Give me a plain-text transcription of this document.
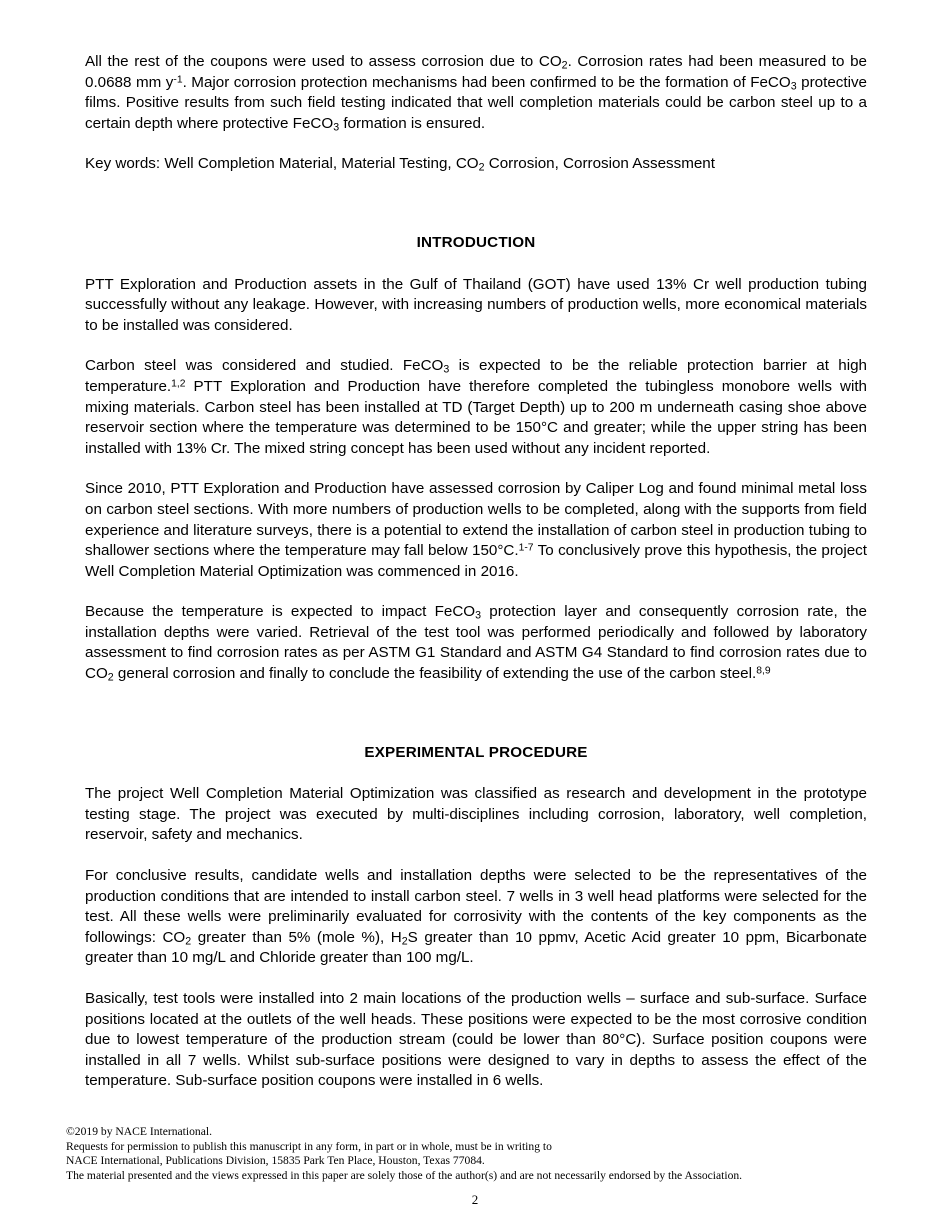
All the rest of the coupons were used to assess corrosion due to $CO_2$. Corrosion rates had been measured to be 0.0688 mm $y^{-1}$. Major corrosion protection mechanisms had been confirmed to be the formation of FeCO$_3$ protective films. Positive results from such field testing indicated that well completion materials could be carbon steel up to a certain depth where protective FeCO$_3$ formation is ensured.

Key words: Well Completion Material, Material Testing, $CO_2$ Corrosion, Corrosion Assessment

INTRODUCTION

PTT Exploration and Production assets in the Gulf of Thailand (GOT) have used 13% Cr well production tubing successfully without any leakage. However, with increasing numbers of production wells, more economical materials to be installed was considered.

Carbon steel was considered and studied. FeCO$_3$ is expected to be the reliable protection barrier at high temperature.$^{1,2}$ PTT Exploration and Production have therefore completed the tubingless monobore wells with mixing materials. Carbon steel has been installed at TD (Target Depth) up to 200 m underneath casing shoe above reservoir section where the temperature was determined to be 150°C and greater; while the upper string has been installed with 13% Cr. The mixed string concept has been used without any incident reported.

Since 2010, PTT Exploration and Production have assessed corrosion by Caliper Log and found minimal metal loss on carbon steel sections. With more numbers of production wells to be completed, along with the supports from field experience and literature surveys, there is a potential to extend the installation of carbon steel in production tubing to shallower sections where the temperature may fall below 150°C.$^{1-7}$ To conclusively prove this hypothesis, the project Well Completion Material Optimization was commenced in 2016.

Because the temperature is expected to impact FeCO$_3$ protection layer and consequently corrosion rate, the installation depths were varied. Retrieval of the test tool was performed periodically and followed by laboratory assessment to find corrosion rates as per ASTM G1 Standard and ASTM G4 Standard to find corrosion rates due to $CO_2$ general corrosion and finally to conclude the feasibility of extending the use of the carbon steel.$^{8,9}$

EXPERIMENTAL PROCEDURE

The project Well Completion Material Optimization was classified as research and development in the prototype testing stage. The project was executed by multi-disciplines including corrosion, laboratory, well completion, reservoir, safety and mechanics.

For conclusive results, candidate wells and installation depths were selected to be the representatives of the production conditions that are intended to install carbon steel. 7 wells in 3 well head platforms were selected for the test. All these wells were preliminarily evaluated for corrosivity with the contents of the key components as the followings: $CO_2$ greater than 5% (mole %), $H_2S$ greater than 10 ppmv, Acetic Acid greater 10 ppm, Bicarbonate greater than 10 mg/L and Chloride greater than 100 mg/L.

Basically, test tools were installed into 2 main locations of the production wells – surface and sub-surface. Surface positions located at the outlets of the well heads. These positions were expected to be the most corrosive condition due to lowest temperature of the production stream (could be lower than 80°C). Surface position coupons were installed in all 7 wells. Whilst sub-surface positions were designed to vary in depths to assess the effect of the temperature. Sub-surface position coupons were installed in 6 wells.

©2019 by NACE International.
Requests for permission to publish this manuscript in any form, in part or in whole, must be in writing to
NACE International, Publications Division, 15835 Park Ten Place, Houston, Texas 77084.
The material presented and the views expressed in this paper are solely those of the author(s) and are not necessarily endorsed by the Association.
2
